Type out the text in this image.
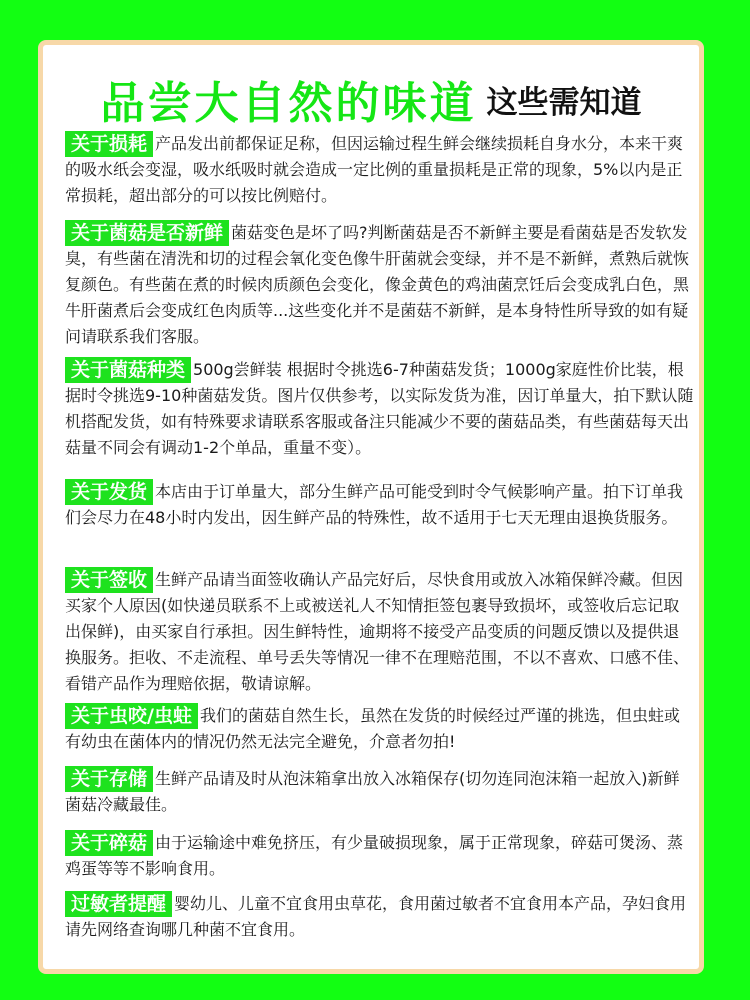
品尝大自然的味道 这些需知道

关于损耗 产品发出前都保证足称，但因运输过程生鲜会继续损耗自身水分，本来干爽的吸水纸会变湿，吸水纸吸时就会造成一定比例的重量损耗是正常的现象，5%以内是正常损耗，超出部分的可以按比例赔付。

关于菌菇是否新鲜 菌菇变色是坏了吗?判断菌菇是否不新鲜主要是看菌菇是否发软发臭，有些菌在清洗和切的过程会氧化变色像牛肝菌就会变绿，并不是不新鲜，煮熟后就恢复颜色。有些菌在煮的时候肉质颜色会变化，像金黄色的鸡油菌烹饪后会变成乳白色，黑牛肝菌煮后会变成红色肉质等...这些变化并不是菌菇不新鲜，是本身特性所导致的如有疑问请联系我们客服。

关于菌菇种类 500g尝鲜装 根据时令挑选6-7种菌菇发货；1000g家庭性价比装，根据时令挑选9-10种菌菇发货。图片仅供参考，以实际发货为准，因订单量大，拍下默认随机搭配发货，如有特殊要求请联系客服或备注只能减少不要的菌菇品类，有些菌菇每天出菇量不同会有调动1-2个单品，重量不变）。

关于发货 本店由于订单量大，部分生鲜产品可能受到时令气候影响产量。拍下订单我们会尽力在48小时内发出，因生鲜产品的特殊性，故不适用于七天无理由退换货服务。

关于签收 生鲜产品请当面签收确认产品完好后，尽快食用或放入冰箱保鲜冷藏。但因买家个人原因(如快递员联系不上或被送礼人不知情拒签包裹导致损坏，或签收后忘记取出保鲜)，由买家自行承担。因生鲜特性，逾期将不接受产品变质的问题反馈以及提供退换服务。拒收、不走流程、单号丢失等情况一律不在理赔范围，不以不喜欢、口感不佳、看错产品作为理赔依据，敬请谅解。

关于虫咬/虫蛀 我们的菌菇自然生长，虽然在发货的时候经过严谨的挑选，但虫蛀或有幼虫在菌体内的情况仍然无法完全避免，介意者勿拍!

关于存储 生鲜产品请及时从泡沫箱拿出放入冰箱保存(切勿连同泡沫箱一起放入)新鲜菌菇冷藏最佳。

关于碎菇 由于运输途中难免挤压，有少量破损现象，属于正常现象，碎菇可煲汤、蒸鸡蛋等等不影响食用。

过敏者提醒 婴幼儿、儿童不宜食用虫草花，食用菌过敏者不宜食用本产品，孕妇食用请先网络查询哪几种菌不宜食用。
